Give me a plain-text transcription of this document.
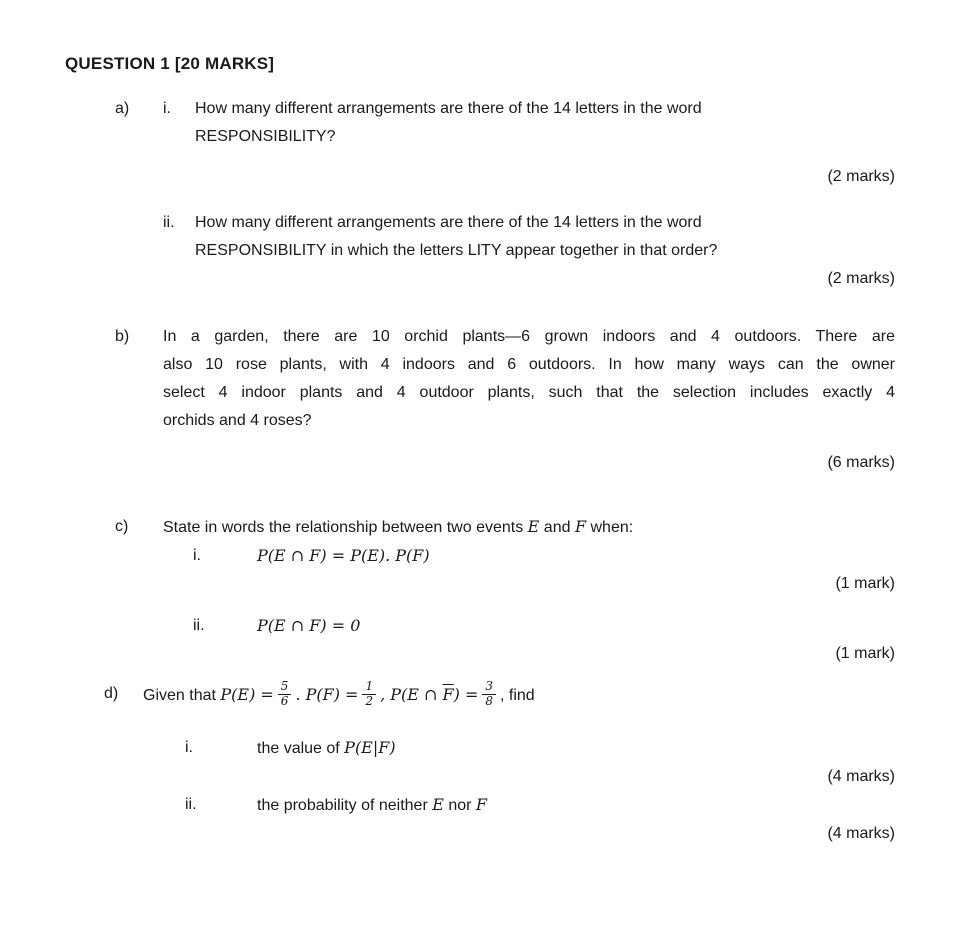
QUESTION 1 [20 MARKS]
a)	i.	How many different arrangements are there of the 14 letters in the word
RESPONSIBILITY?
(2 marks)
ii.	How many different arrangements are there of the 14 letters in the word
RESPONSIBILITY in which the letters LITY appear together in that order?
(2 marks)
b)	In a garden, there are 10 orchid plants—6 grown indoors and 4 outdoors. There are
also 10 rose plants, with 4 indoors and 6 outdoors. In how many ways can the owner
select 4 indoor plants and 4 outdoor plants, such that the selection includes exactly 4
orchids and 4 roses?
(6 marks)
c)	State in words the relationship between two events E and F when:
i.	P(E ∩ F) = P(E). P(F)
(1 mark)
ii.	P(E ∩ F) = 0
(1 mark)
d)	Given that $P(E) = \frac{5}{6}$ . $P(F) = \frac{1}{2}$ , P(E ∩ $\overline{F}) = \frac{3}{8}$ , find
i.	the value of P(E|F)
(4 marks)
ii.	the probability of neither E nor F
(4 marks)
